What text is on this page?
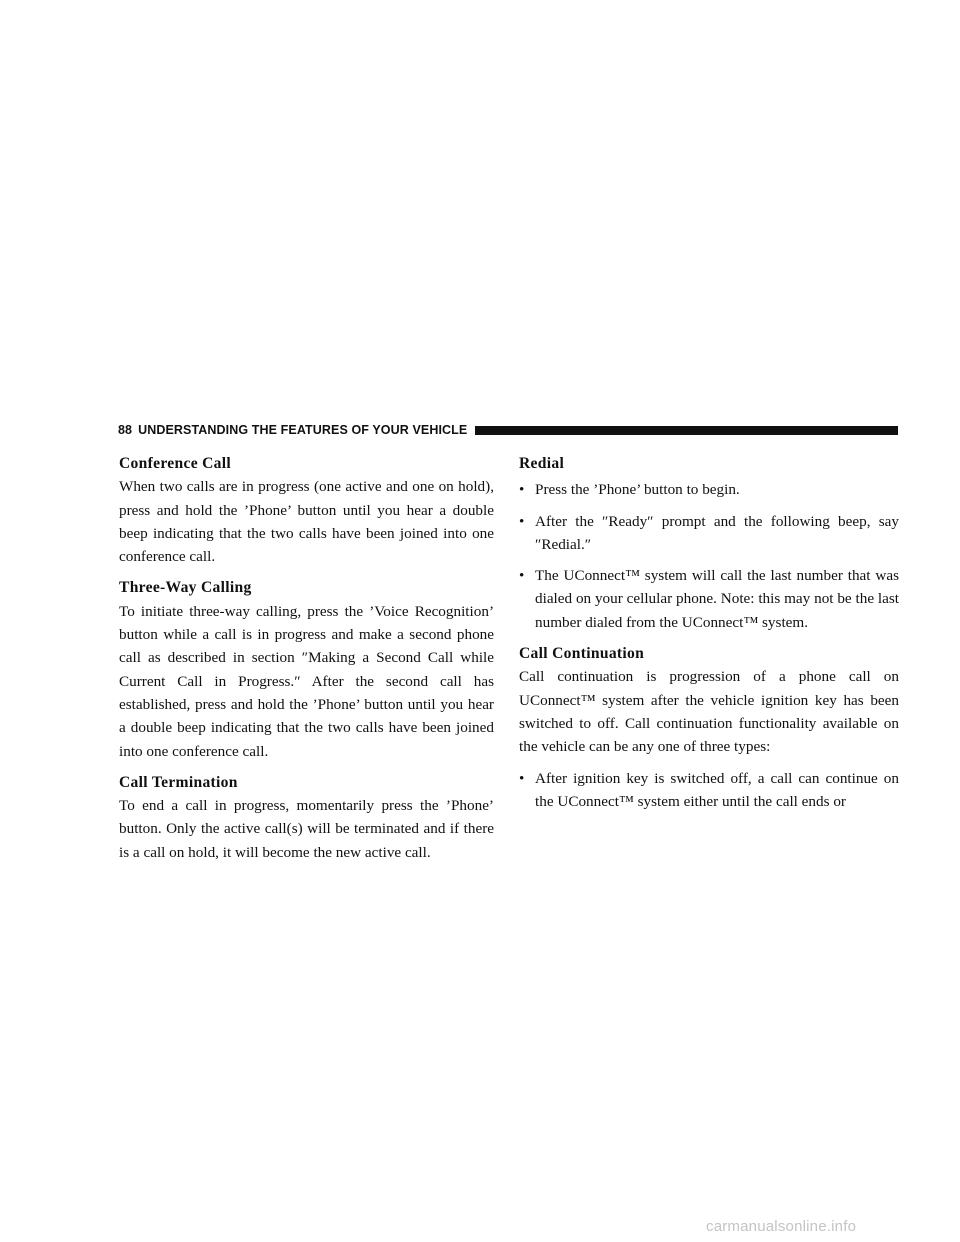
88 UNDERSTANDING THE FEATURES OF YOUR VEHICLE
Conference Call

When two calls are in progress (one active and one on hold), press and hold the ’Phone’ button until you hear a double beep indicating that the two calls have been joined into one conference call.

Three-Way Calling

To initiate three-way calling, press the ’Voice Recognition’ button while a call is in progress and make a second phone call as described in section ″Making a Second Call while Current Call in Progress.″ After the second call has established, press and hold the ’Phone’ button until you hear a double beep indicating that the two calls have been joined into one conference call.

Call Termination

To end a call in progress, momentarily press the ’Phone’ button. Only the active call(s) will be terminated and if there is a call on hold, it will become the new active call.

Redial
• Press the ’Phone’ button to begin.
• After the ″Ready″ prompt and the following beep, say ″Redial.″
• The UConnect™ system will call the last number that was dialed on your cellular phone. Note: this may not be the last number dialed from the UConnect™ system.
Call Continuation

Call continuation is progression of a phone call on UConnect™ system after the vehicle ignition key has been switched to off. Call continuation functionality available on the vehicle can be any one of three types:

• After ignition key is switched off, a call can continue on the UConnect™ system either until the call ends or
carmanualsonline.info
